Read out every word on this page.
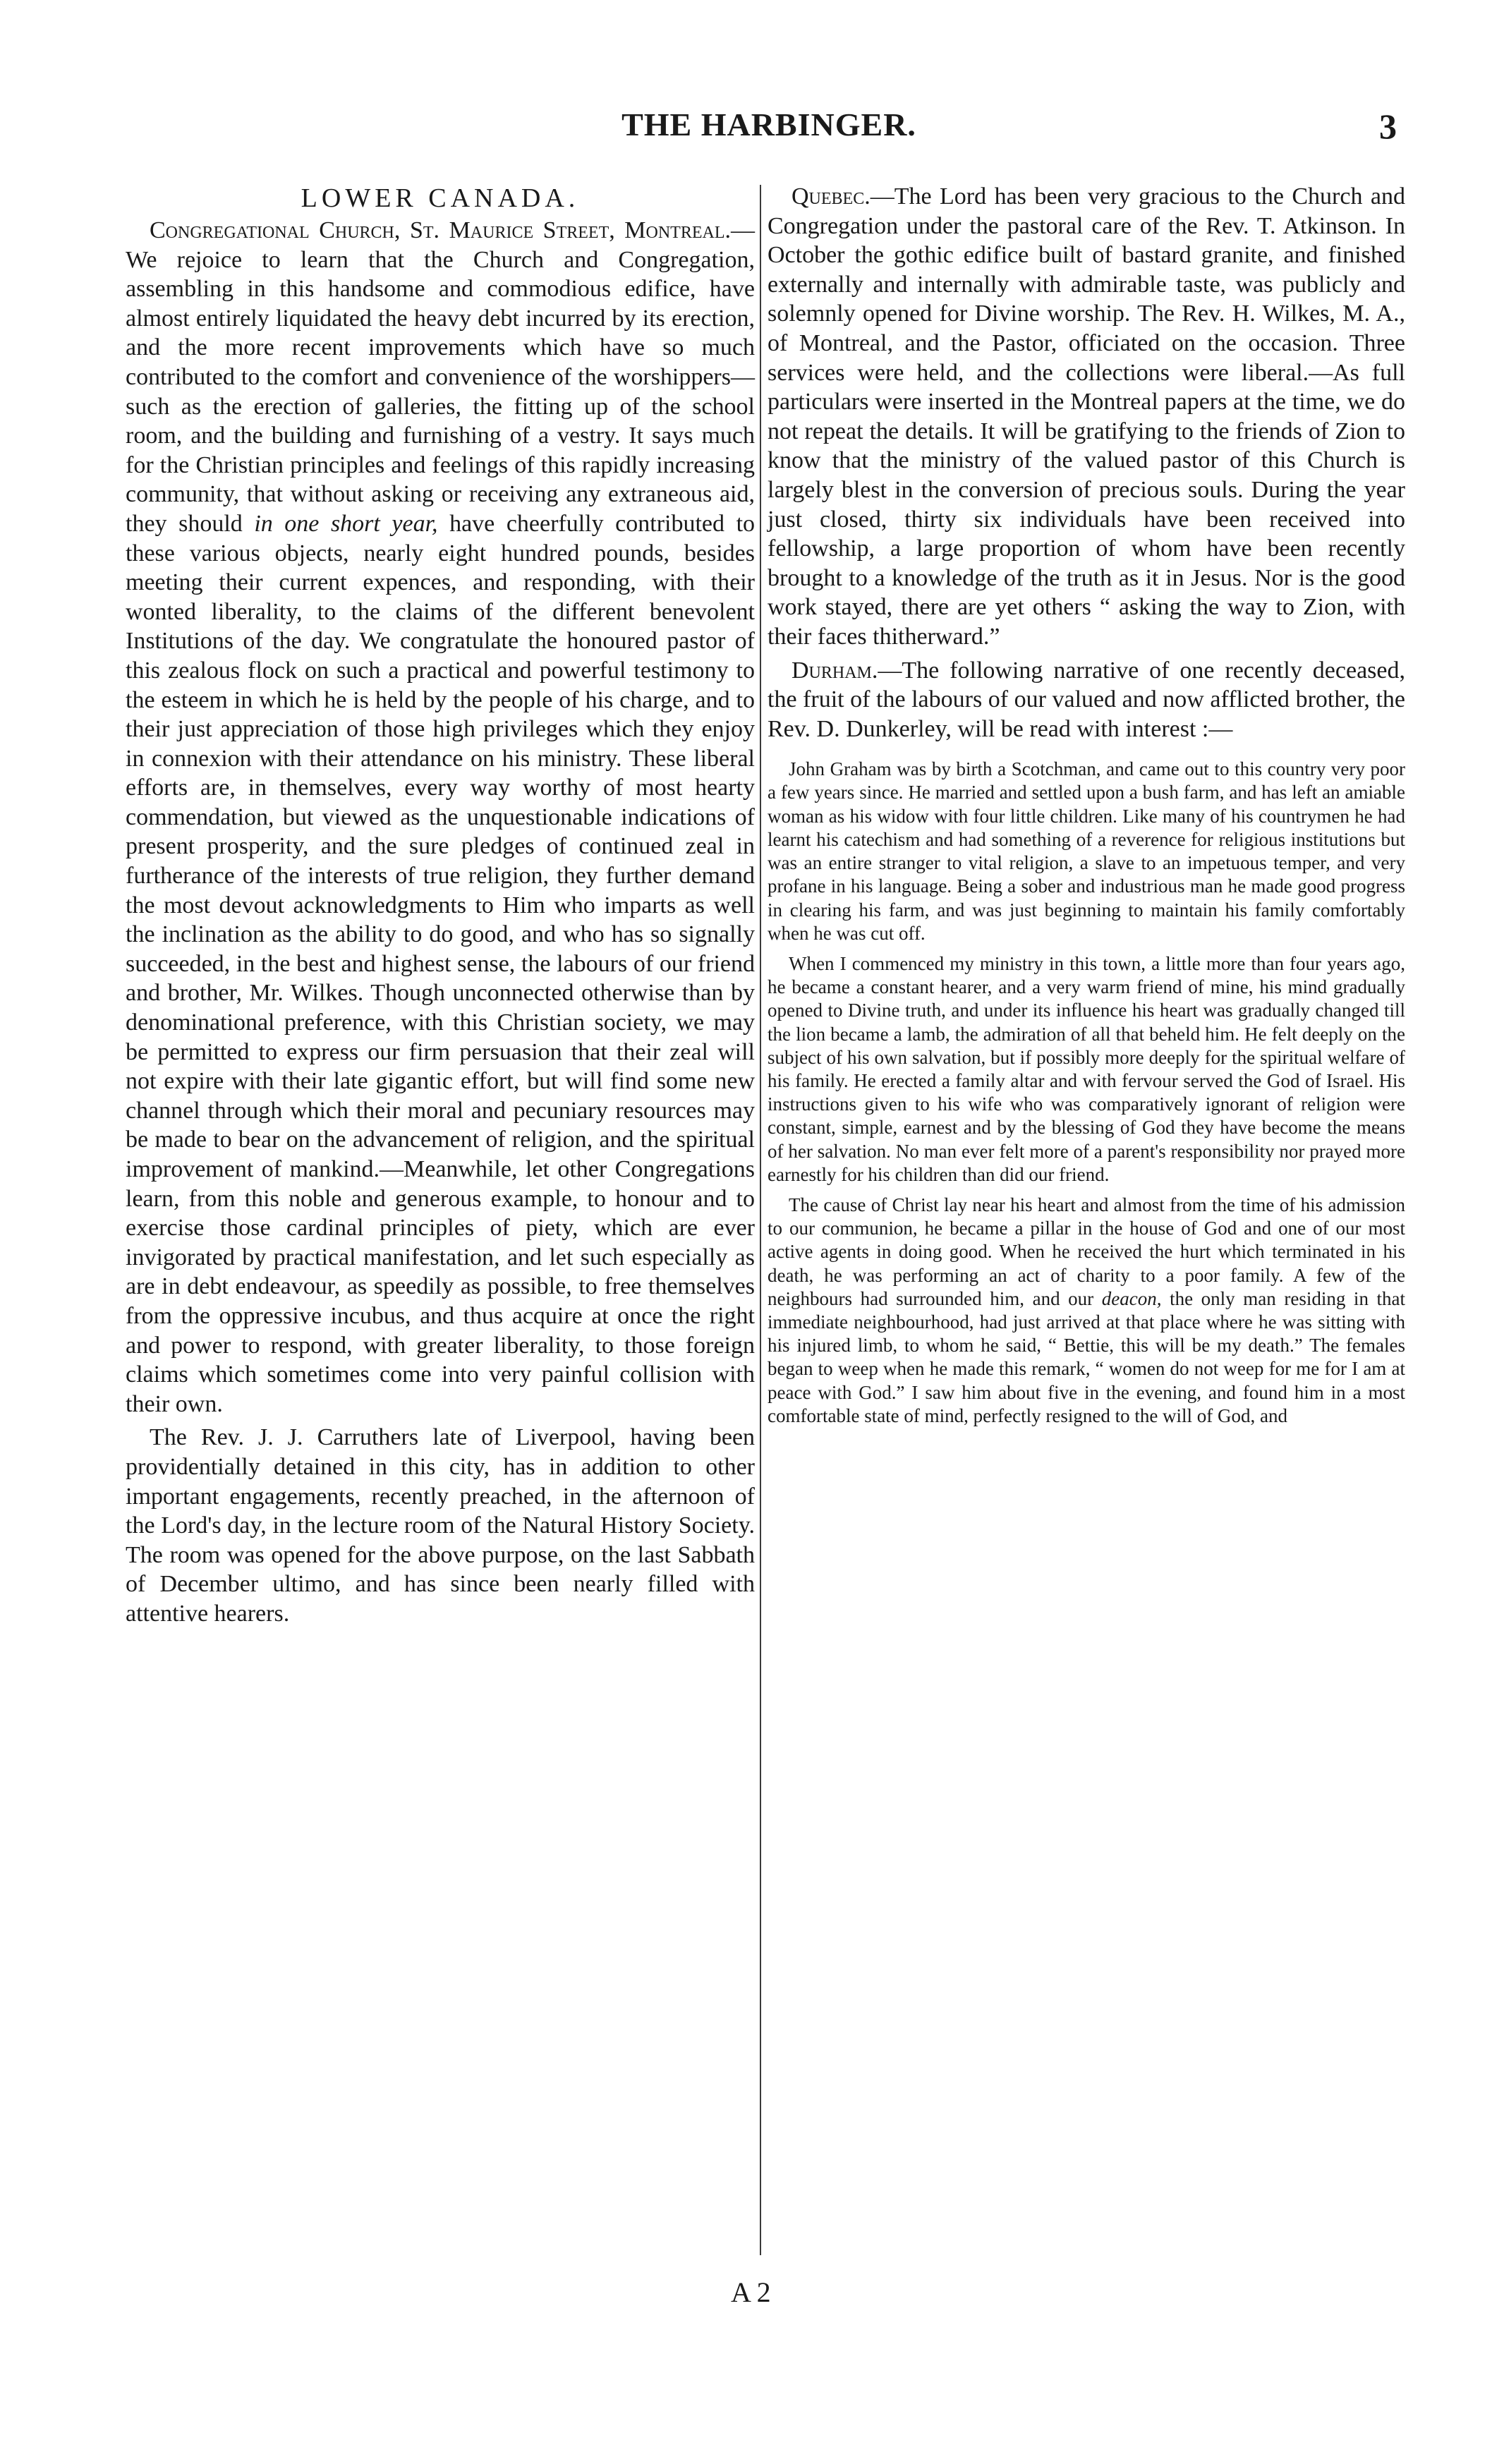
THE HARBINGER.	3

LOWER CANADA.

Congregational Church, St. Maurice Street, Montreal.—We rejoice to learn that the Church and Congregation, assembling in this handsome and commodious edifice, have almost entirely liquidated the heavy debt incurred by its erection, and the more recent improvements which have so much contributed to the comfort and convenience of the worshippers—such as the erection of galleries, the fitting up of the school room, and the building and furnishing of a vestry. It says much for the Christian principles and feelings of this rapidly increasing community, that without asking or receiving any extraneous aid, they should in one short year, have cheerfully contributed to these various objects, nearly eight hundred pounds, besides meeting their current expences, and responding, with their wonted liberality, to the claims of the different benevolent Institutions of the day. We congratulate the honoured pastor of this zealous flock on such a practical and powerful testimony to the esteem in which he is held by the people of his charge, and to their just appreciation of those high privileges which they enjoy in connexion with their attendance on his ministry. These liberal efforts are, in themselves, every way worthy of most hearty commendation, but viewed as the unquestionable indications of present prosperity, and the sure pledges of continued zeal in furtherance of the interests of true religion, they further demand the most devout acknowledgments to Him who imparts as well the inclination as the ability to do good, and who has so signally succeeded, in the best and highest sense, the labours of our friend and brother, Mr. Wilkes. Though unconnected otherwise than by denominational preference, with this Christian society, we may be permitted to express our firm persuasion that their zeal will not expire with their late gigantic effort, but will find some new channel through which their moral and pecuniary resources may be made to bear on the advancement of religion, and the spiritual improvement of mankind.—Meanwhile, let other Congregations learn, from this noble and generous example, to honour and to exercise those cardinal principles of piety, which are ever invigorated by practical manifestation, and let such especially as are in debt endeavour, as speedily as possible, to free themselves from the oppressive incubus, and thus acquire at once the right and power to respond, with greater liberality, to those foreign claims which sometimes come into very painful collision with their own.

The Rev. J. J. Carruthers late of Liverpool, having been providentially detained in this city, has in addition to other important engagements, recently preached, in the afternoon of the Lord's day, in the lecture room of the Natural History Society. The room was opened for the above purpose, on the last Sabbath of December ultimo, and has since been nearly filled with attentive hearers.

Quebec.—The Lord has been very gracious to the Church and Congregation under the pastoral care of the Rev. T. Atkinson. In October the gothic edifice built of bastard granite, and finished externally and internally with admirable taste, was publicly and solemnly opened for Divine worship. The Rev. H. Wilkes, M. A., of Montreal, and the Pastor, officiated on the occasion. Three services were held, and the collections were liberal.—As full particulars were inserted in the Montreal papers at the time, we do not repeat the details. It will be gratifying to the friends of Zion to know that the ministry of the valued pastor of this Church is largely blest in the conversion of precious souls. During the year just closed, thirty six individuals have been received into fellowship, a large proportion of whom have been recently brought to a knowledge of the truth as it in Jesus. Nor is the good work stayed, there are yet others “ asking the way to Zion, with their faces thitherward.”

Durham.—The following narrative of one recently deceased, the fruit of the labours of our valued and now afflicted brother, the Rev. D. Dunkerley, will be read with interest :—

John Graham was by birth a Scotchman, and came out to this country very poor a few years since. He married and settled upon a bush farm, and has left an amiable woman as his widow with four little children. Like many of his countrymen he had learnt his catechism and had something of a reverence for religious institutions but was an entire stranger to vital religion, a slave to an impetuous temper, and very profane in his language. Being a sober and industrious man he made good progress in clearing his farm, and was just beginning to maintain his family comfortably when he was cut off.

When I commenced my ministry in this town, a little more than four years ago, he became a constant hearer, and a very warm friend of mine, his mind gradually opened to Divine truth, and under its influence his heart was gradually changed till the lion became a lamb, the admiration of all that beheld him. He felt deeply on the subject of his own salvation, but if possibly more deeply for the spiritual welfare of his family. He erected a family altar and with fervour served the God of Israel. His instructions given to his wife who was comparatively ignorant of religion were constant, simple, earnest and by the blessing of God they have become the means of her salvation. No man ever felt more of a parent's responsibility nor prayed more earnestly for his children than did our friend.

The cause of Christ lay near his heart and almost from the time of his admission to our communion, he became a pillar in the house of God and one of our most active agents in doing good. When he received the hurt which terminated in his death, he was performing an act of charity to a poor family. A few of the neighbours had surrounded him, and our deacon, the only man residing in that immediate neighbourhood, had just arrived at that place where he was sitting with his injured limb, to whom he said, “ Bettie, this will be my death.” The females began to weep when he made this remark, “ women do not weep for me for I am at peace with God.” I saw him about five in the evening, and found him in a most comfortable state of mind, perfectly resigned to the will of God, and

A 2
